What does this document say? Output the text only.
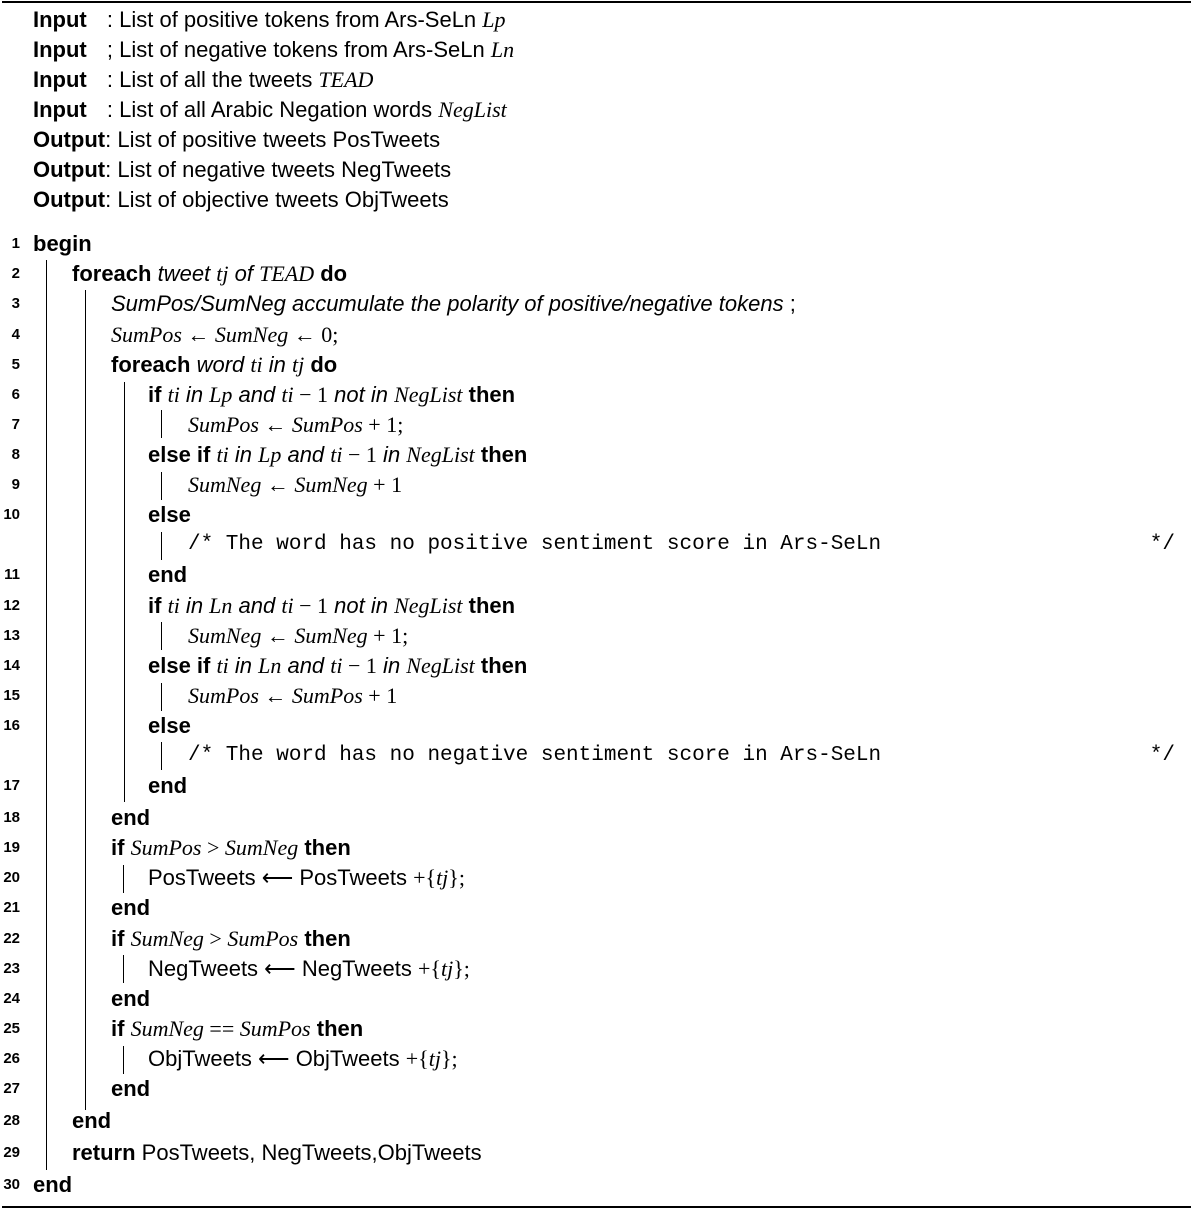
Input : List of positive tokens from Ars-SeLn Lp
Input ; List of negative tokens from Ars-SeLn Ln
Input : List of all the tweets TEAD
Input : List of all Arabic Negation words NegList
Output: List of positive tweets PosTweets
Output: List of negative tweets NegTweets
Output: List of objective tweets ObjTweets
1 begin
2 foreach tweet tj of TEAD do
3	SumPos/SumNeg accumulate the polarity of positive/negative tokens ;
4	SumPos ← SumNeg ← 0;
5	foreach word ti in tj do
6	if ti in Lp and ti − 1 not in NegList then
7	SumPos ← SumPos + 1;
8	else if ti in Lp and ti − 1 in NegList then
9	SumNeg ← SumNeg + 1
10	else
/* The word has no positive sentiment score in Ars-SeLn	*/
11	end
12	if ti in Ln and ti − 1 not in NegList then
13	SumNeg ← SumNeg + 1;
14	else if ti in Ln and ti − 1 in NegList then
15	SumPos ← SumPos + 1
16	else
/* The word has no negative sentiment score in Ars-SeLn	*/
17	end
18	end
19	if SumPos > SumNeg then
20	PosTweets ⟵ PosTweets +{tj};
21	end
22	if SumNeg > SumPos then
23	NegTweets ⟵ NegTweets +{tj};
24	end
25	if SumNeg == SumPos then
26	ObjTweets ⟵ ObjTweets +{tj};
27	end
28 end
29 return PosTweets, NegTweets,ObjTweets
30 end
